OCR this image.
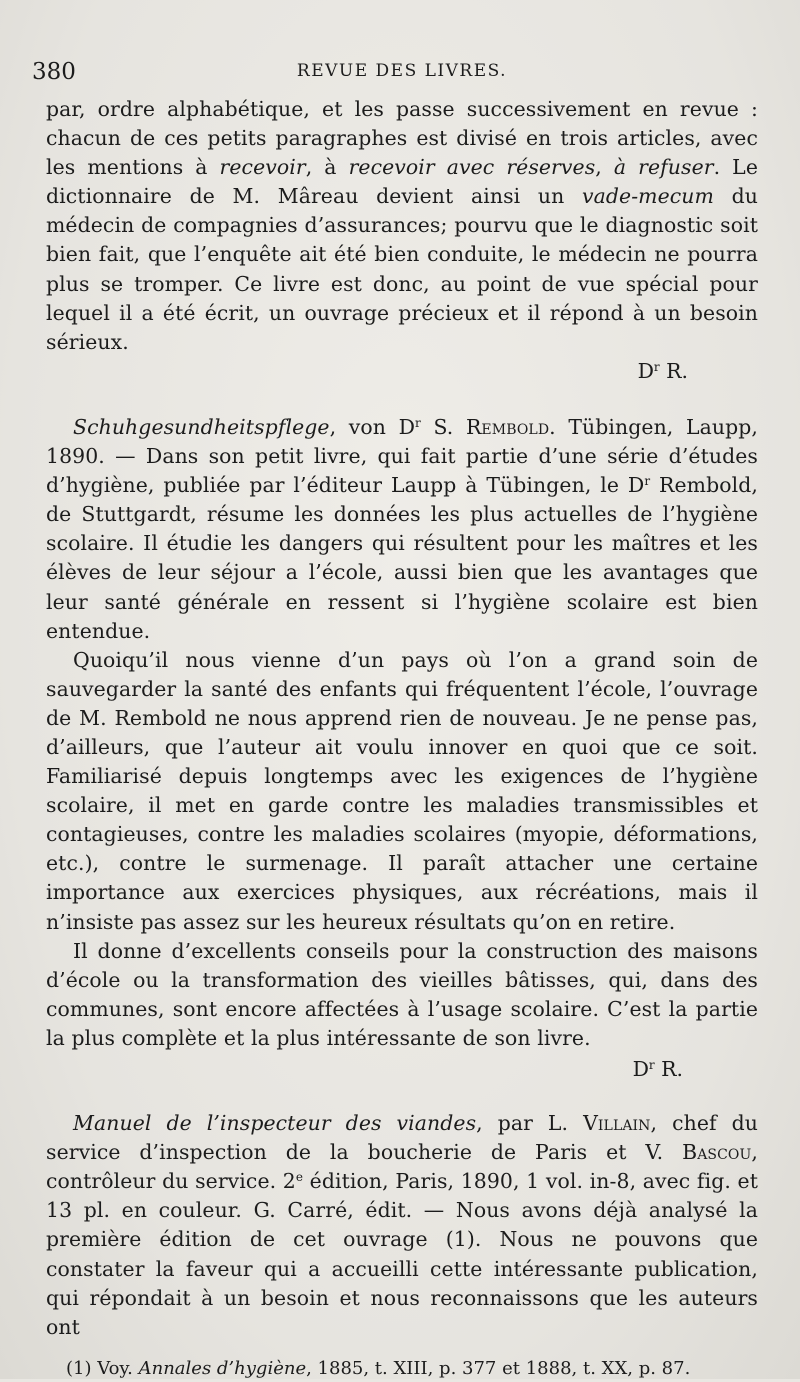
380	REVUE DES LIVRES.

par, ordre alphabétique, et les passe successivement en revue : chacun de ces petits paragraphes est divisé en trois articles, avec les mentions à recevoir, à recevoir avec réserves, à refuser. Le dictionnaire de M. Mâreau devient ainsi un vade-mecum du médecin de compagnies d’assurances; pourvu que le diagnostic soit bien fait, que l’enquête ait été bien conduite, le médecin ne pourra plus se tromper. Ce livre est donc, au point de vue spécial pour lequel il a été écrit, un ouvrage précieux et il répond à un besoin sérieux.

$D^r$ R.

Schuhgesundheitspflege, von $D^r$ S. Rembold. Tübingen, Laupp, 1890. — Dans son petit livre, qui fait partie d’une série d’études d’hygiène, publiée par l’éditeur Laupp à Tübingen, le $D^r$ Rembold, de Stuttgardt, résume les données les plus actuelles de l’hygiène scolaire. Il étudie les dangers qui résultent pour les maîtres et les élèves de leur séjour a l’école, aussi bien que les avantages que leur santé générale en ressent si l’hygiène scolaire est bien entendue.

Quoiqu’il nous vienne d’un pays où l’on a grand soin de sauvegarder la santé des enfants qui fréquentent l’école, l’ouvrage de M. Rembold ne nous apprend rien de nouveau. Je ne pense pas, d’ailleurs, que l’auteur ait voulu innover en quoi que ce soit. Familiarisé depuis longtemps avec les exigences de l’hygiène scolaire, il met en garde contre les maladies transmissibles et contagieuses, contre les maladies scolaires (myopie, déformations, etc.), contre le surmenage. Il paraît attacher une certaine importance aux exercices physiques, aux récréations, mais il n’insiste pas assez sur les heureux résultats qu’on en retire.

Il donne d’excellents conseils pour la construction des maisons d’école ou la transformation des vieilles bâtisses, qui, dans des communes, sont encore affectées à l’usage scolaire. C’est la partie la plus complète et la plus intéressante de son livre.

$D^r$ R.

Manuel de l’inspecteur des viandes, par L. Villain, chef du service d’inspection de la boucherie de Paris et V. Bascou, contrôleur du service. 2e édition, Paris, 1890, 1 vol. in-8, avec fig. et 13 pl. en couleur. G. Carré, édit. — Nous avons déjà analysé la première édition de cet ouvrage (1). Nous ne pouvons que constater la faveur qui a accueilli cette intéressante publication, qui répondait à un besoin et nous reconnaissons que les auteurs ont

(1) Voy. Annales d’hygiène, 1885, t. XIII, p. 377 et 1888, t. XX, p. 87.
